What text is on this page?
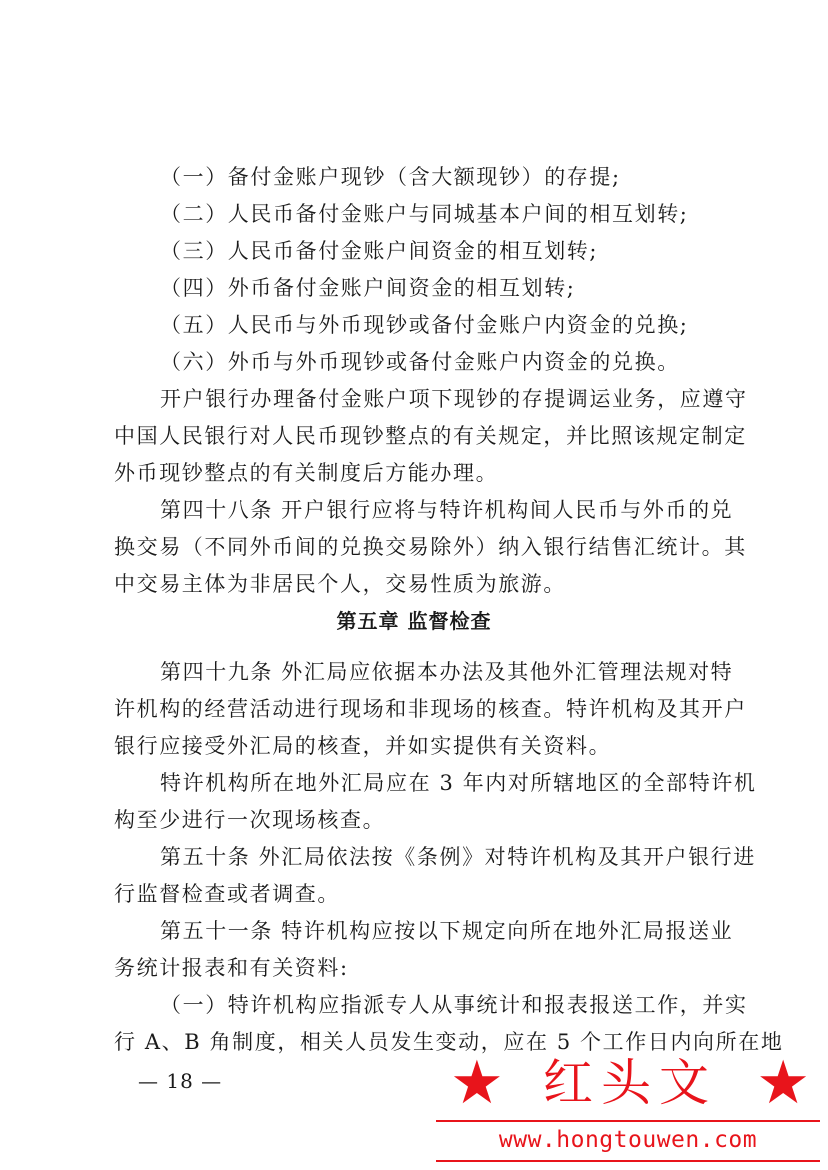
（一）备付金账户现钞（含大额现钞）的存提;
（二）人民币备付金账户与同城基本户间的相互划转;
（三）人民币备付金账户间资金的相互划转;
（四）外币备付金账户间资金的相互划转;
（五）人民币与外币现钞或备付金账户内资金的兑换;
（六）外币与外币现钞或备付金账户内资金的兑换。
开户银行办理备付金账户项下现钞的存提调运业务，应遵守
中国人民银行对人民币现钞整点的有关规定，并比照该规定制定
外币现钞整点的有关制度后方能办理。
第四十八条 开户银行应将与特许机构间人民币与外币的兑
换交易（不同外币间的兑换交易除外）纳入银行结售汇统计。其
中交易主体为非居民个人，交易性质为旅游。
第五章 监督检查
第四十九条 外汇局应依据本办法及其他外汇管理法规对特
许机构的经营活动进行现场和非现场的核查。特许机构及其开户
银行应接受外汇局的核查，并如实提供有关资料。
特许机构所在地外汇局应在 3 年内对所辖地区的全部特许机
构至少进行一次现场核查。
第五十条 外汇局依法按《条例》对特许机构及其开户银行进
行监督检查或者调查。
第五十一条 特许机构应按以下规定向所在地外汇局报送业
务统计报表和有关资料:
（一）特许机构应指派专人从事统计和报表报送工作，并实
行 A、B 角制度，相关人员发生变动，应在 5 个工作日内向所在地
— 18 —	★ 红头文 ★
www.hongtouwen.com
